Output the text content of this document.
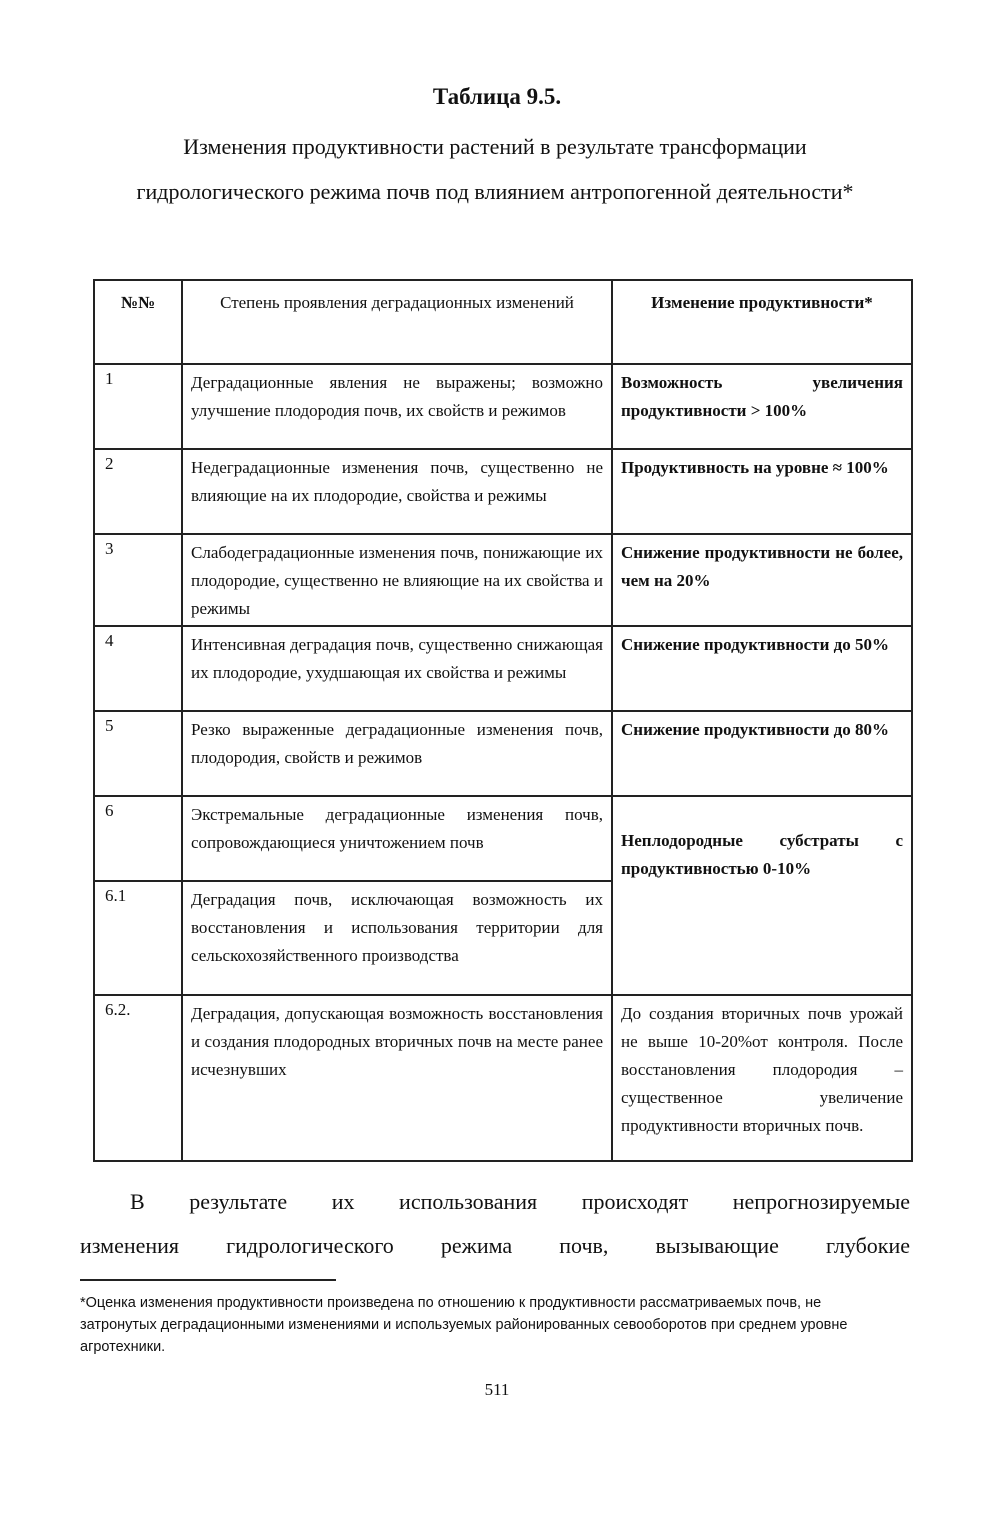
Таблица 9.5.
Изменения продуктивности растений в результате трансформации гидрологического режима почв под влиянием антропогенной деятельности*
№№	Степень проявления деградационных изменений	Изменение продуктивности*
1	Деградационные явления не выражены; возможно улучшение плодородия почв, их свойств и режимов	Возможность увеличения продуктивности > 100%
2	Недеградационные изменения почв, существенно не влияющие на их плодородие, свойства и режимы	Продуктивность на уровне ≈ 100%
3	Слабодеградационные изменения почв, понижающие их плодородие, существенно не влияющие на их свойства и режимы	Снижение продуктивности не более, чем на 20%
4	Интенсивная деградация почв, существенно снижающая их плодородие, ухудшающая их свойства и режимы	Снижение продуктивности до 50%
5	Резко выраженные деградационные изменения почв, плодородия, свойств и режимов	Снижение продуктивности до 80%
6	Экстремальные деградационные изменения почв, сопровождающиеся уничтожением почв	Неплодородные субстраты с продуктивностью 0-10%
6.1	Деградация почв, исключающая возможность их восстановления и использования территории для сельскохозяйственного производства	
6.2.	Деградация, допускающая возможность восстановления и создания плодородных вторичных почв на месте ранее исчезнувших	До создания вторичных почв урожай не выше 10-20%от контроля. После восстановления плодородия – существенное увеличение продуктивности вторичных почв.
В результате их использования происходят непрогнозируемые
изменения гидрологического режима почв, вызывающие глубокие
*Оценка изменения продуктивности произведена по отношению к продуктивности рассматриваемых почв, не затронутых деградационными изменениями и используемых районированных севооборотов при среднем уровне агротехники.
511
